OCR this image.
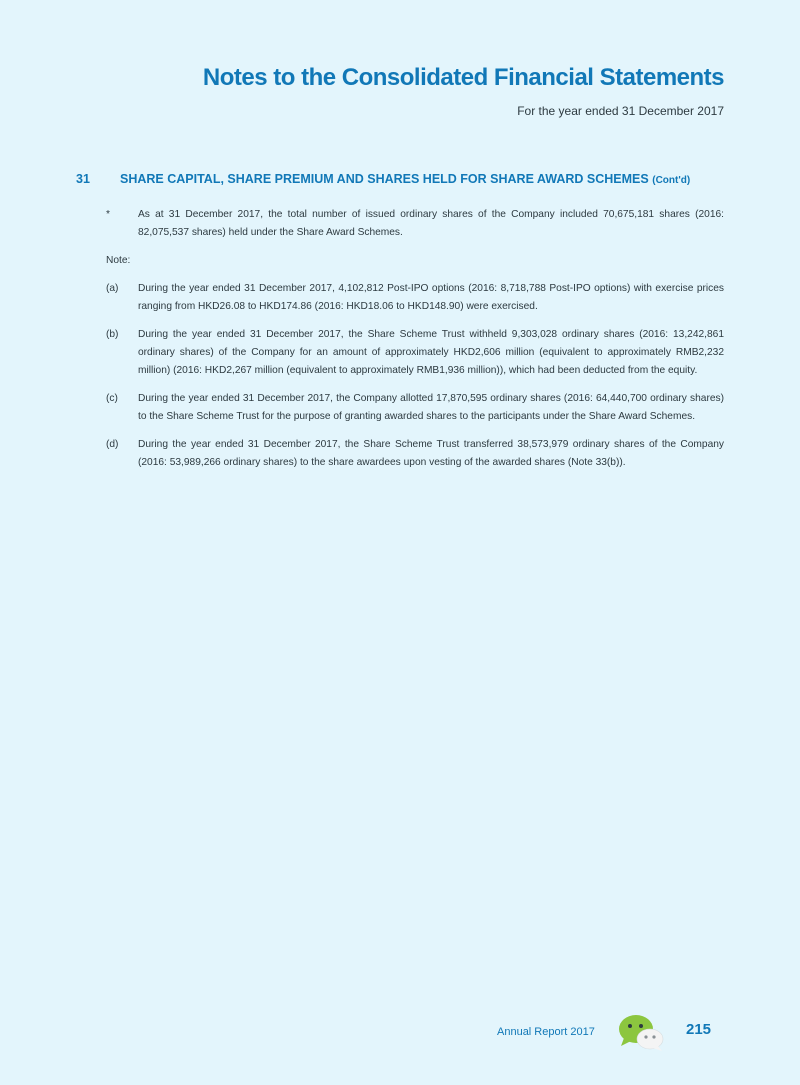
Notes to the Consolidated Financial Statements
For the year ended 31 December 2017
31 SHARE CAPITAL, SHARE PREMIUM AND SHARES HELD FOR SHARE AWARD SCHEMES (Cont'd)
*	As at 31 December 2017, the total number of issued ordinary shares of the Company included 70,675,181 shares (2016: 82,075,537 shares) held under the Share Award Schemes.
Note:
(a)	During the year ended 31 December 2017, 4,102,812 Post-IPO options (2016: 8,718,788 Post-IPO options) with exercise prices ranging from HKD26.08 to HKD174.86 (2016: HKD18.06 to HKD148.90) were exercised.
(b)	During the year ended 31 December 2017, the Share Scheme Trust withheld 9,303,028 ordinary shares (2016: 13,242,861 ordinary shares) of the Company for an amount of approximately HKD2,606 million (equivalent to approximately RMB2,232 million) (2016: HKD2,267 million (equivalent to approximately RMB1,936 million)), which had been deducted from the equity.
(c)	During the year ended 31 December 2017, the Company allotted 17,870,595 ordinary shares (2016: 64,440,700 ordinary shares) to the Share Scheme Trust for the purpose of granting awarded shares to the participants under the Share Award Schemes.
(d)	During the year ended 31 December 2017, the Share Scheme Trust transferred 38,573,979 ordinary shares of the Company (2016: 53,989,266 ordinary shares) to the share awardees upon vesting of the awarded shares (Note 33(b)).
Annual Report 2017	215
